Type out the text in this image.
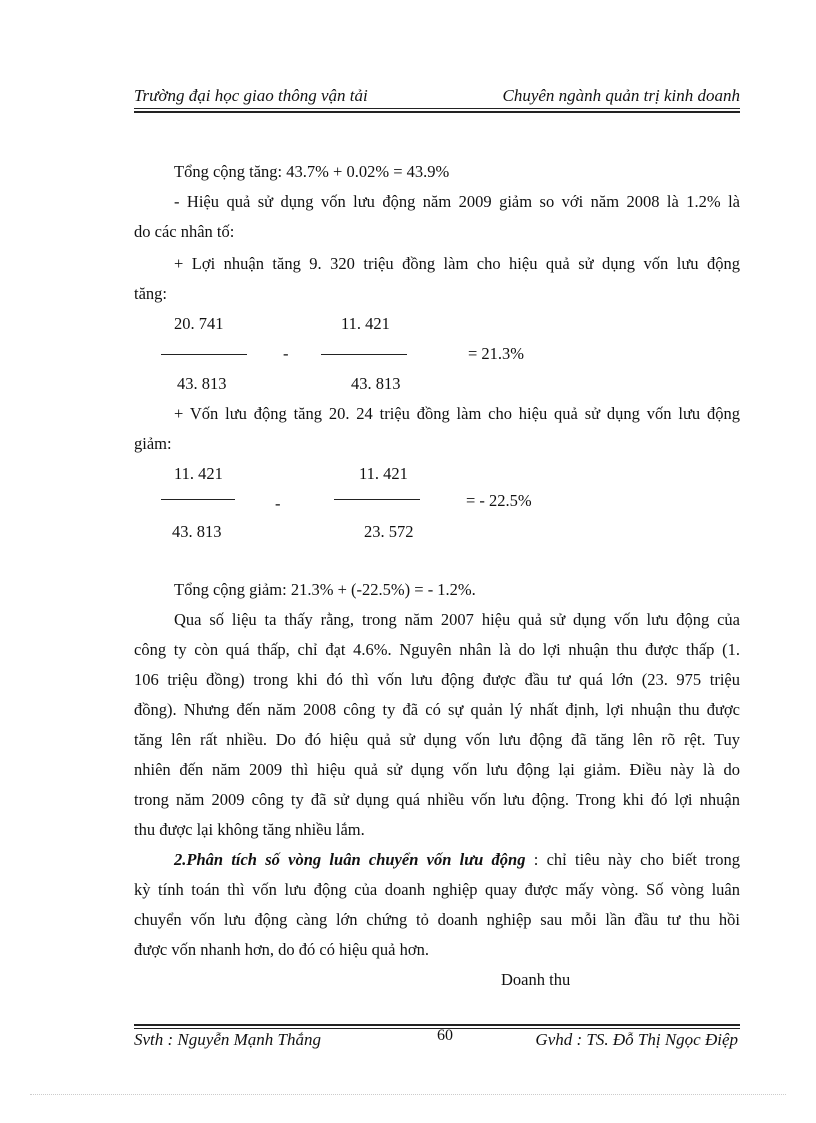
Trường đại học giao thông vận tải	Chuyên ngành quản trị kinh doanh
Tổng cộng tăng: 43.7% + 0.02% = 43.9%
- Hiệu quả sử dụng vốn lưu động năm 2009 giảm so với năm 2008 là 1.2% là
do các nhân tố:
+ Lợi nhuận tăng 9. 320 triệu đồng làm cho hiệu quả sử dụng vốn lưu động
tăng:
20. 741	11. 421
-	= 21.3%
43. 813	43. 813
+ Vốn lưu động tăng 20. 24 triệu đồng làm cho hiệu quả sử dụng vốn lưu động
giảm:
11. 421	11. 421
-	= - 22.5%
43. 813	23. 572
Tổng cộng giảm: 21.3% + (-22.5%) = - 1.2%.
Qua số liệu ta thấy rằng, trong năm 2007 hiệu quả sử dụng vốn lưu động của
công ty còn quá thấp, chỉ đạt 4.6%. Nguyên nhân là do lợi nhuận thu được thấp (1.
106 triệu đồng) trong khi đó thì vốn lưu động được đầu tư quá lớn (23. 975 triệu
đồng). Nhưng đến năm 2008 công ty đã có sự quản lý nhất định, lợi nhuận thu được
tăng lên rất nhiều. Do đó hiệu quả sử dụng vốn lưu động đã tăng lên rõ rệt. Tuy
nhiên đến năm 2009 thì hiệu quả sử dụng vốn lưu động lại giảm. Điều này là do
trong năm 2009 công ty đã sử dụng quá nhiều vốn lưu động. Trong khi đó lợi nhuận
thu được lại không tăng nhiều lắm.
2.Phân tích số vòng luân chuyển vốn lưu động : chỉ tiêu này cho biết trong
kỳ tính toán thì vốn lưu động của doanh nghiệp quay được mấy vòng. Số vòng luân
chuyển vốn lưu động càng lớn chứng tỏ doanh nghiệp sau mỗi lần đầu tư thu hồi
được vốn nhanh hơn, do đó có hiệu quả hơn.
Doanh thu
Svth : Nguyễn Mạnh Thắng	60	Gvhd : TS. Đỗ Thị Ngọc Điệp
